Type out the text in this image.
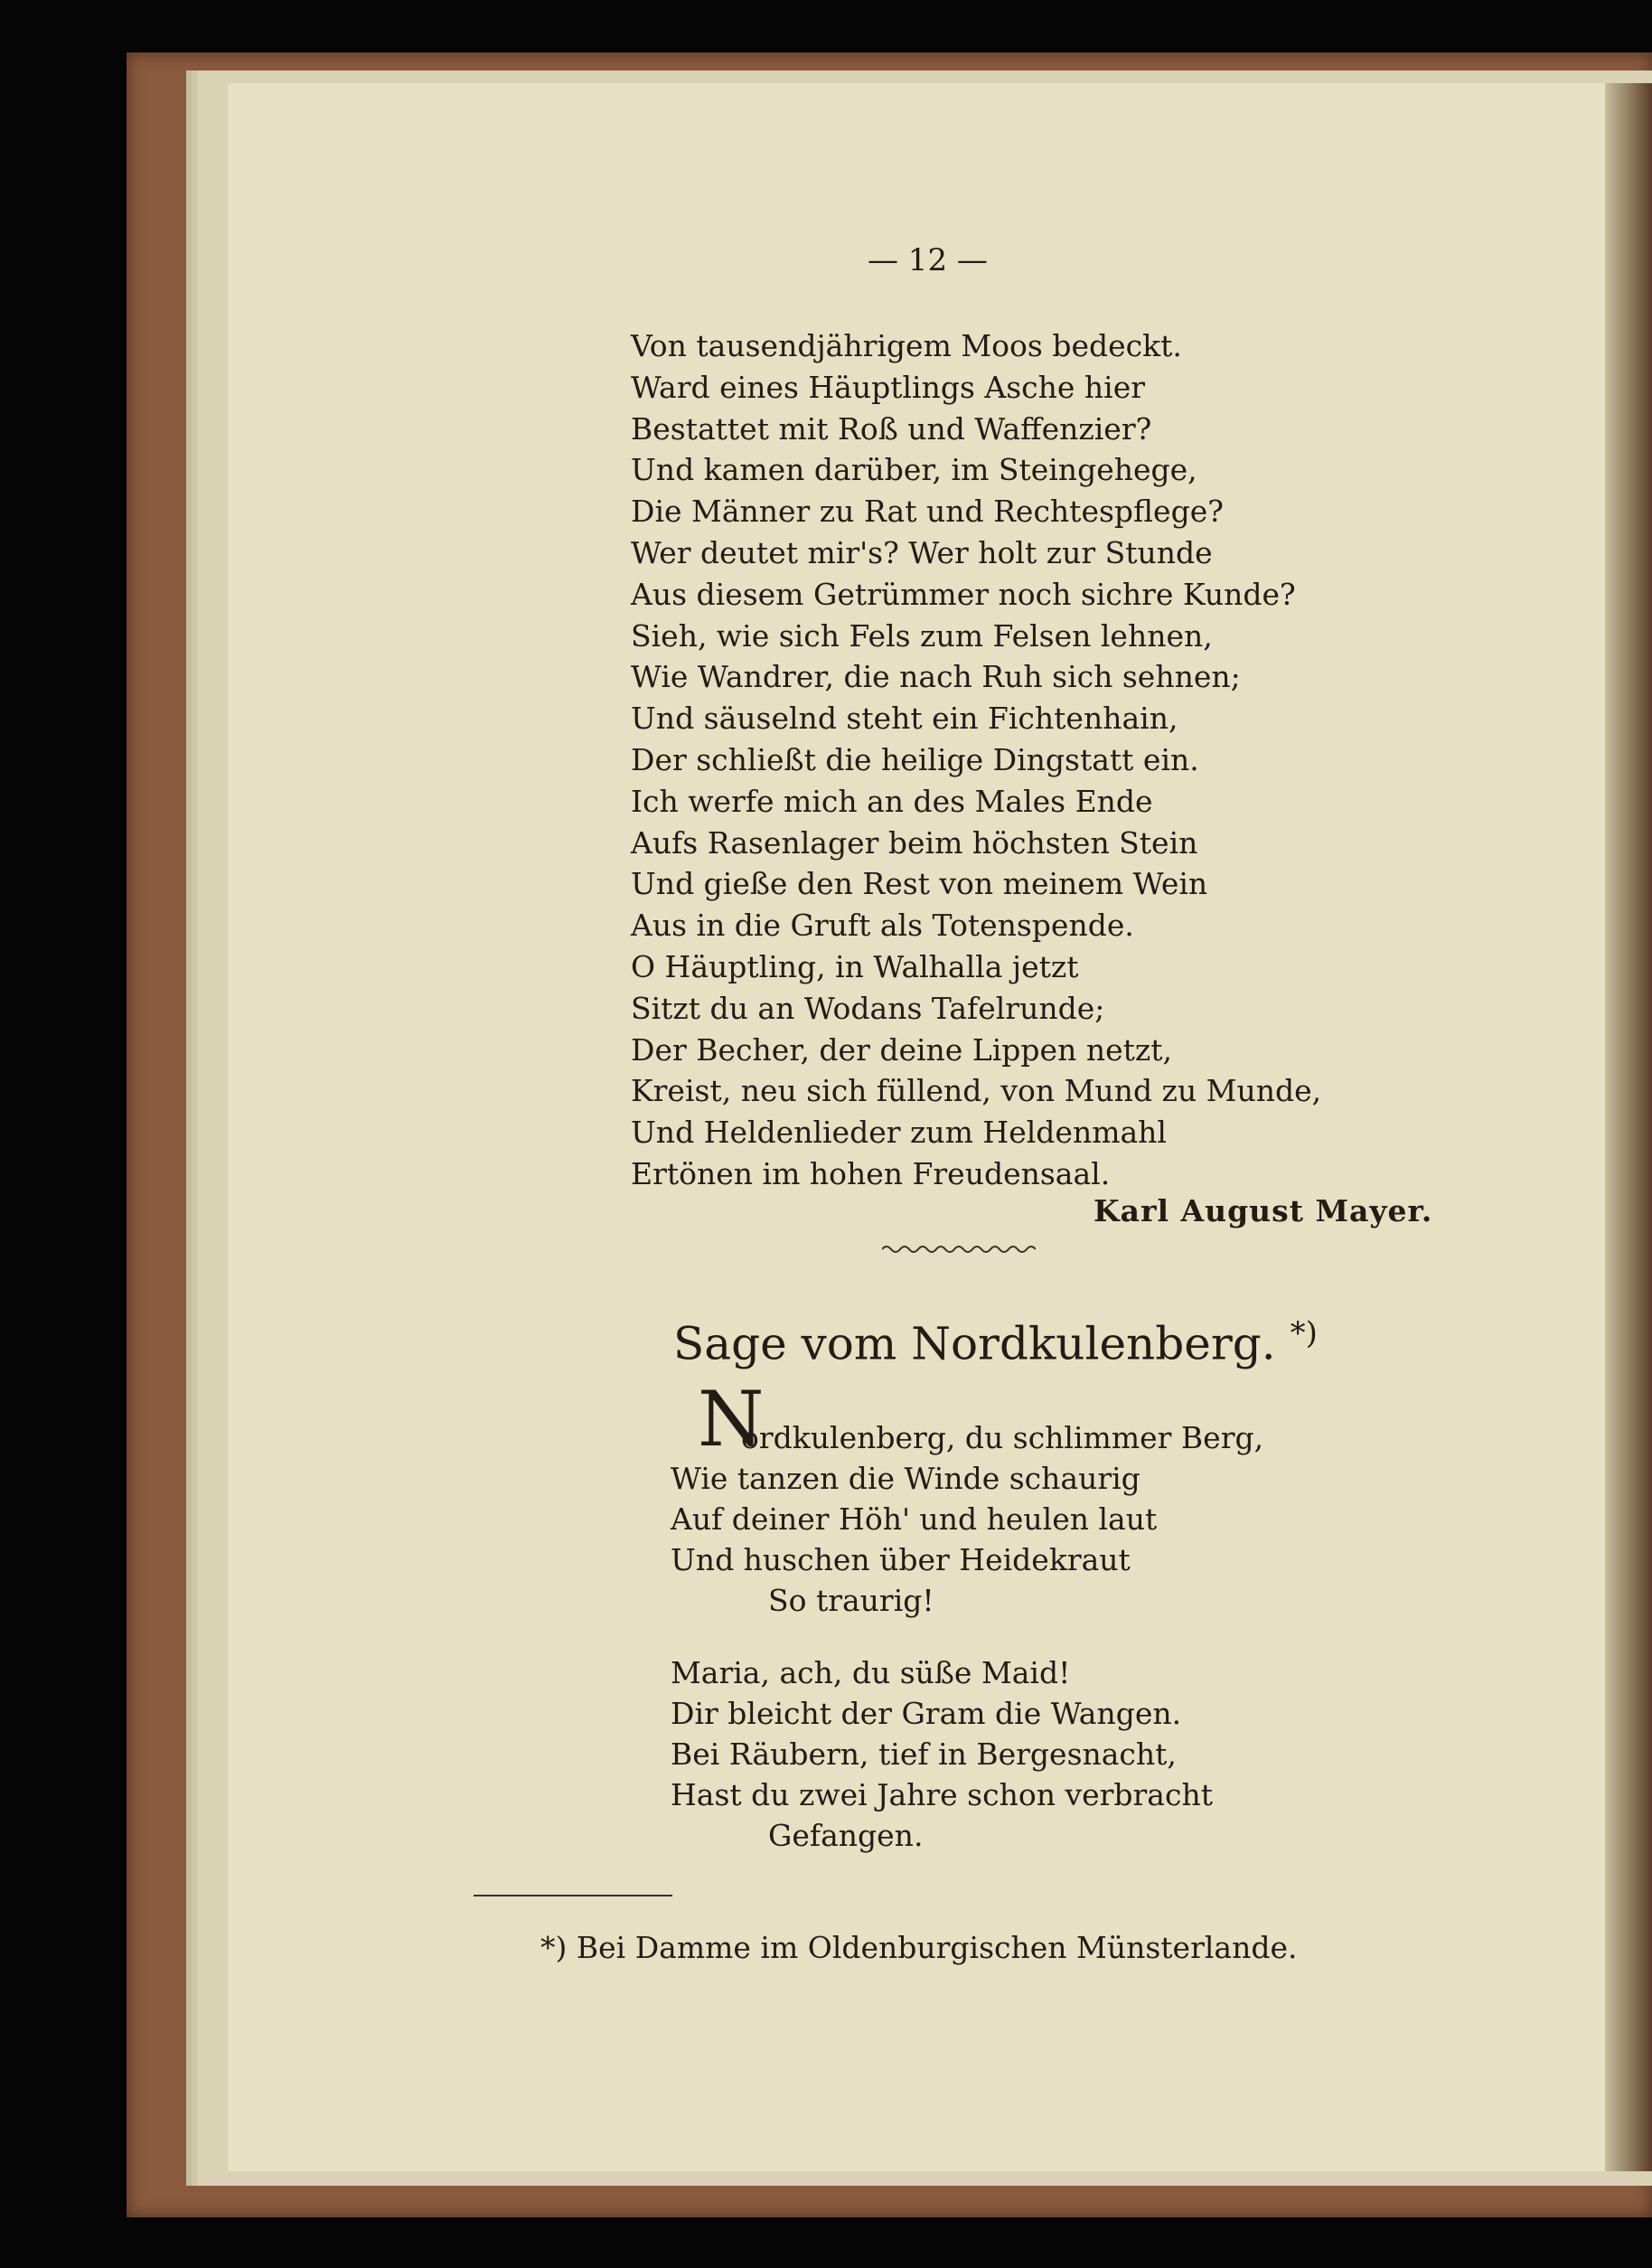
— 12 —
Von tausendjährigem Moos bedeckt.
Ward eines Häuptlings Asche hier
Bestattet mit Roß und Waffenzier?
Und kamen darüber, im Steingehege,
Die Männer zu Rat und Rechtespflege?
Wer deutet mir's? Wer holt zur Stunde
Aus diesem Getrümmer noch sichre Kunde?
Sieh, wie sich Fels zum Felsen lehnen,
Wie Wandrer, die nach Ruh sich sehnen;
Und säuselnd steht ein Fichtenhain,
Der schließt die heilige Dingstatt ein.
Ich werfe mich an des Males Ende
Aufs Rasenlager beim höchsten Stein
Und gieße den Rest von meinem Wein
Aus in die Gruft als Totenspende.
O Häuptling, in Walhalla jetzt
Sitzt du an Wodans Tafelrunde;
Der Becher, der deine Lippen netzt,
Kreist, neu sich füllend, von Mund zu Munde,
Und Heldenlieder zum Heldenmahl
Ertönen im hohen Freudensaal.
Karl August Mayer.
Sage vom Nordkulenberg. *)
N
ordkulenberg, du schlimmer Berg,
Wie tanzen die Winde schaurig
Auf deiner Höh' und heulen laut
Und huschen über Heidekraut
So traurig!
Maria, ach, du süße Maid!
Dir bleicht der Gram die Wangen.
Bei Räubern, tief in Bergesnacht,
Hast du zwei Jahre schon verbracht
Gefangen.
*) Bei Damme im Oldenburgischen Münsterlande.
